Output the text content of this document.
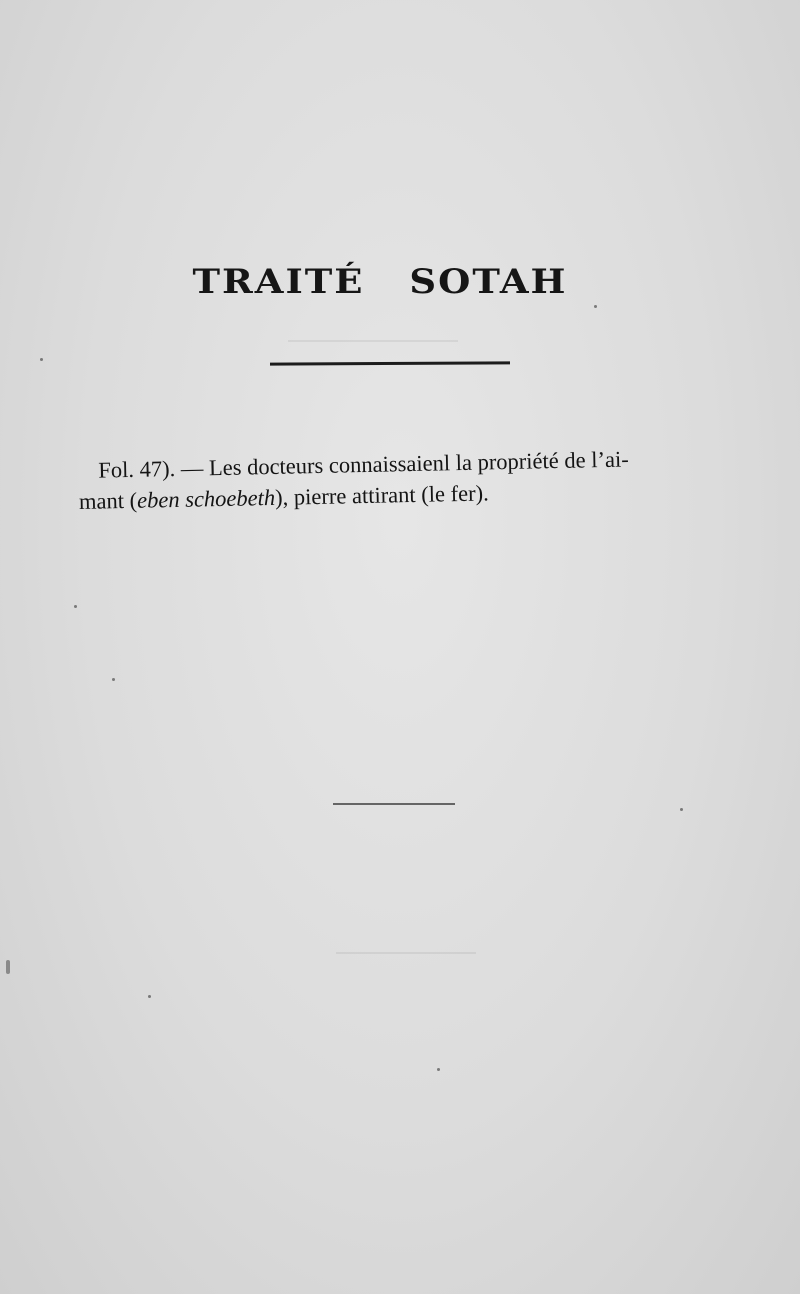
TRAITÉ SOTAH
Fol. 47). — Les docteurs connaissaienl la propriété de l’ai-
mant (eben schoebeth), pierre attirant (le fer).
